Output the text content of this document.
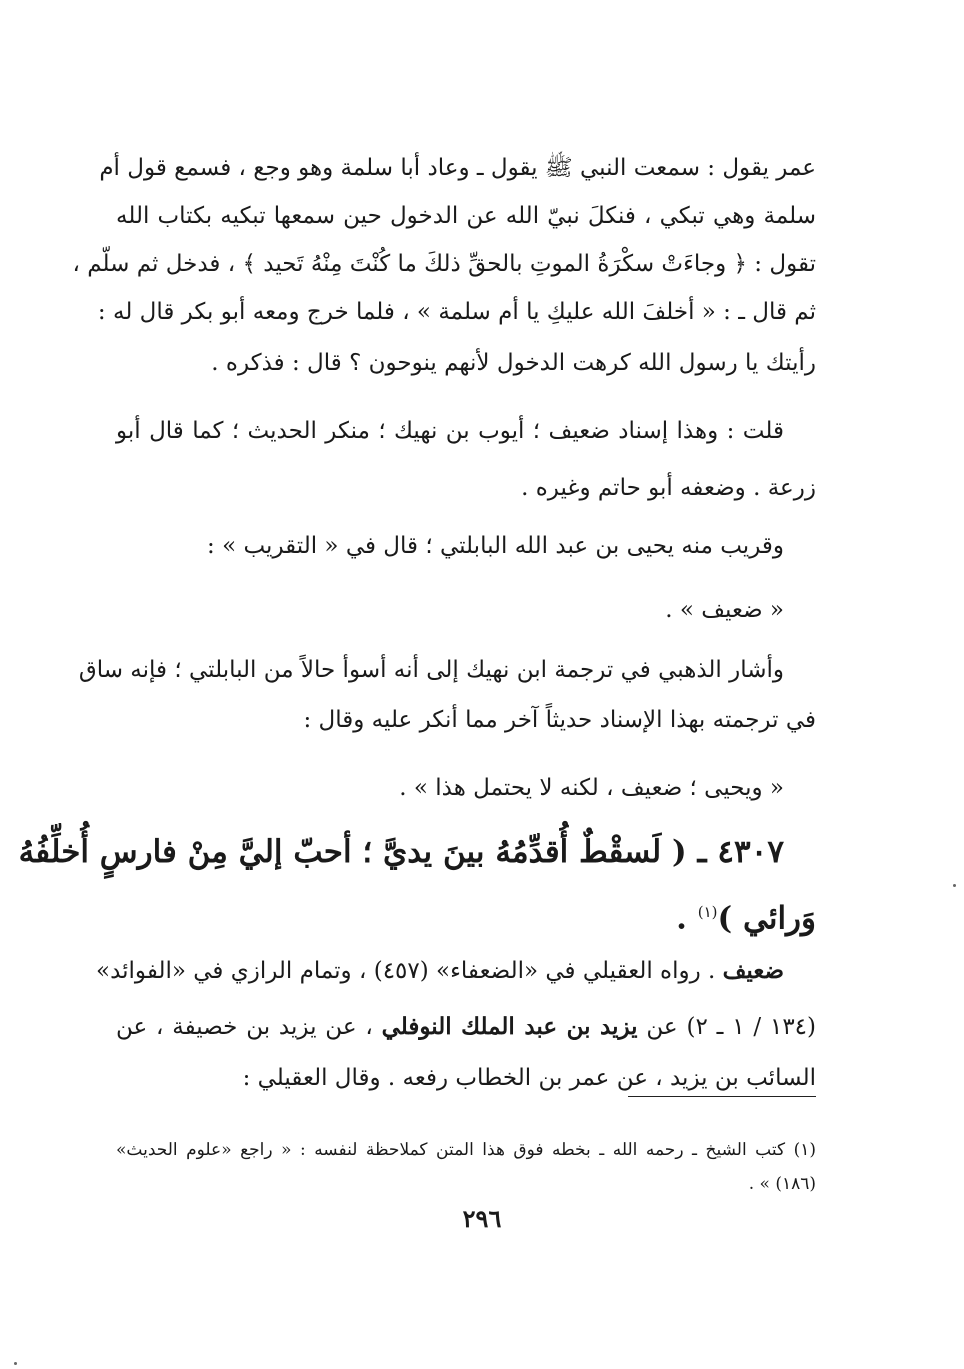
عمر يقول : سمعت النبي ﷺ يقول ـ وعاد أبا سلمة وهو وجع ، فسمع قول أم
سلمة وهي تبكي ، فنكلَ نبيّ الله عن الدخول حين سمعها تبكيه بكتاب الله
تقول : ﴿ وجاءَتْ سكْرَةُ الموتِ بالحقِّ ذلكَ ما كُنْتَ مِنْهُ تَحيد ﴾ ، فدخل ثم سلّم ،
ثم قال ـ : « أخلفَ الله عليكِ يا أم سلمة » ، فلما خرج ومعه أبو بكر قال له :
رأيتك يا رسول الله كرهت الدخول لأنهم ينوحون ؟ قال : فذكره .
قلت : وهذا إسناد ضعيف ؛ أيوب بن نهيك ؛ منكر الحديث ؛ كما قال أبو
زرعة . وضعفه أبو حاتم وغيره .
وقريب منه يحيى بن عبد الله البابلتي ؛ قال في « التقريب » :
« ضعيف » .
وأشار الذهبي في ترجمة ابن نهيك إلى أنه أسوأ حالاً من البابلتي ؛ فإنه ساق
في ترجمته بهذا الإسناد حديثاً آخر مما أنكر عليه وقال :
« ويحيى ؛ ضعيف ، لكنه لا يحتمل هذا » .
٤٣٠٧ ـ ( لَسقْطٌ أُقدِّمُهُ بينَ يديَّ ؛ أحبّ إليَّ مِنْ فارسٍ أُخلِّفُهُ
وَرائي )$^{(١)}$ .
ضعيف . رواه العقيلي في «الضعفاء» (٤٥٧) ، وتمام الرازي في «الفوائد»
(١٣٤ / ١ ـ ٢) عن يزيد بن عبد الملك النوفلي ، عن يزيد بن خصيفة ، عن
السائب بن يزيد ، عن عمر بن الخطاب رفعه . وقال العقيلي :
(١) كتب الشيخ ـ رحمه الله ـ بخطه فوق هذا المتن كملاحظة لنفسه : « راجع «علوم الحديث»
(١٨٦) » .
٢٩٦
